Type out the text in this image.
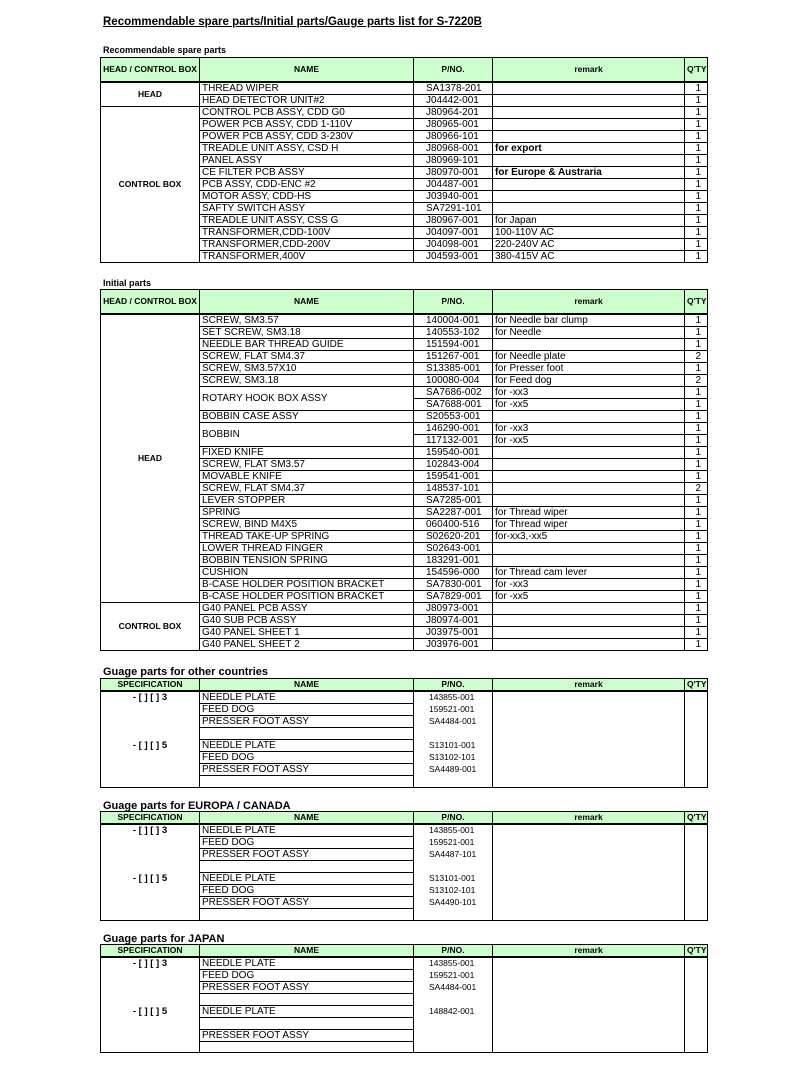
Recommendable spare parts/Initial parts/Gauge parts list for S-7220B
Recommendable spare parts
HEAD / CONTROL BOX	NAME	P/NO.	remark	Q'TY
HEAD	THREAD WIPER	SA1378-201		1
	HEAD DETECTOR UNIT#2	J04442-001		1
CONTROL BOX	CONTROL PCB ASSY, CDD G0	J80964-201		1
	POWER PCB ASSY, CDD 1-110V	J80965-001		1
	POWER PCB ASSY, CDD 3-230V	J80966-101		1
	TREADLE UNIT ASSY, CSD H	J80968-001	for export	1
	PANEL ASSY	J80969-101		1
	CE FILTER PCB ASSY	J80970-001	for Europe & Austraria	1
	PCB ASSY, CDD-ENC #2	J04487-001		1
	MOTOR ASSY, CDD-HS	J03940-001		1
	SAFTY SWITCH ASSY	SA7291-101		1
	TREADLE UNIT ASSY, CSS G	J80967-001	for Japan	1
	TRANSFORMER,CDD-100V	J04097-001	100-110V AC	1
	TRANSFORMER,CDD-200V	J04098-001	220-240V AC	1
	TRANSFORMER,400V	J04593-001	380-415V AC	1
Initial parts
HEAD / CONTROL BOX	NAME	P/NO.	remark	Q'TY
HEAD	SCREW, SM3.57	140004-001	for Needle bar clump	1
	SET SCREW, SM3.18	140553-102	for Needle	1
	NEEDLE BAR THREAD GUIDE	151594-001		1
	SCREW, FLAT SM4.37	151267-001	for Needle plate	2
	SCREW, SM3.57X10	S13385-001	for Presser foot	1
	SCREW, SM3.18	100080-004	for Feed dog	2
	ROTARY HOOK BOX ASSY	SA7686-002	for -xx3	1
		SA7688-001	for -xx5	1
	BOBBIN CASE ASSY	S20553-001		1
	BOBBIN	146290-001	for -xx3	1
		117132-001	for -xx5	1
	FIXED KNIFE	159540-001		1
	SCREW, FLAT SM3.57	102843-004		1
	MOVABLE KNIFE	159541-001		1
	SCREW, FLAT SM4.37	148537-101		2
	LEVER STOPPER	SA7285-001		1
	SPRING	SA2287-001	for Thread wiper	1
	SCREW, BIND M4X5	060400-516	for Thread wiper	1
	THREAD TAKE-UP SPRING	S02620-201	for-xx3,-xx5	1
	LOWER THREAD FINGER	S02643-001		1
	BOBBIN TENSION SPRING	183291-001		1
	CUSHION	154596-000	for Thread cam lever	1
	B-CASE HOLDER POSITION BRACKET	SA7830-001	for -xx3	1
	B-CASE HOLDER POSITION BRACKET	SA7829-001	for -xx5	1
CONTROL BOX	G40 PANEL PCB ASSY	J80973-001		1
	G40 SUB PCB ASSY	J80974-001		1
	G40 PANEL SHEET 1	J03975-001		1
	G40 PANEL SHEET 2	J03976-001		1
Guage parts for other countries
SPECIFICATION	NAME	P/NO.	remark	Q'TY
- [ ] [ ] 3	NEEDLE PLATE	143855-001		
	FEED DOG	159521-001		
	PRESSER FOOT ASSY	SA4484-001		

- [ ] [ ] 5	NEEDLE PLATE	S13101-001		
	FEED DOG	S13102-101		
	PRESSER FOOT ASSY	SA4489-001		

Guage parts for EUROPA / CANADA
SPECIFICATION	NAME	P/NO.	remark	Q'TY
- [ ] [ ] 3	NEEDLE PLATE	143855-001		
	FEED DOG	159521-001		
	PRESSER FOOT ASSY	SA4487-101		

- [ ] [ ] 5	NEEDLE PLATE	S13101-001		
	FEED DOG	S13102-101		
	PRESSER FOOT ASSY	SA4490-101		

Guage parts for JAPAN
SPECIFICATION	NAME	P/NO.	remark	Q'TY
- [ ] [ ] 3	NEEDLE PLATE	143855-001		
	FEED DOG	159521-001		
	PRESSER FOOT ASSY	SA4484-001		

- [ ] [ ] 5	NEEDLE PLATE	148842-001		

	PRESSER FOOT ASSY			
